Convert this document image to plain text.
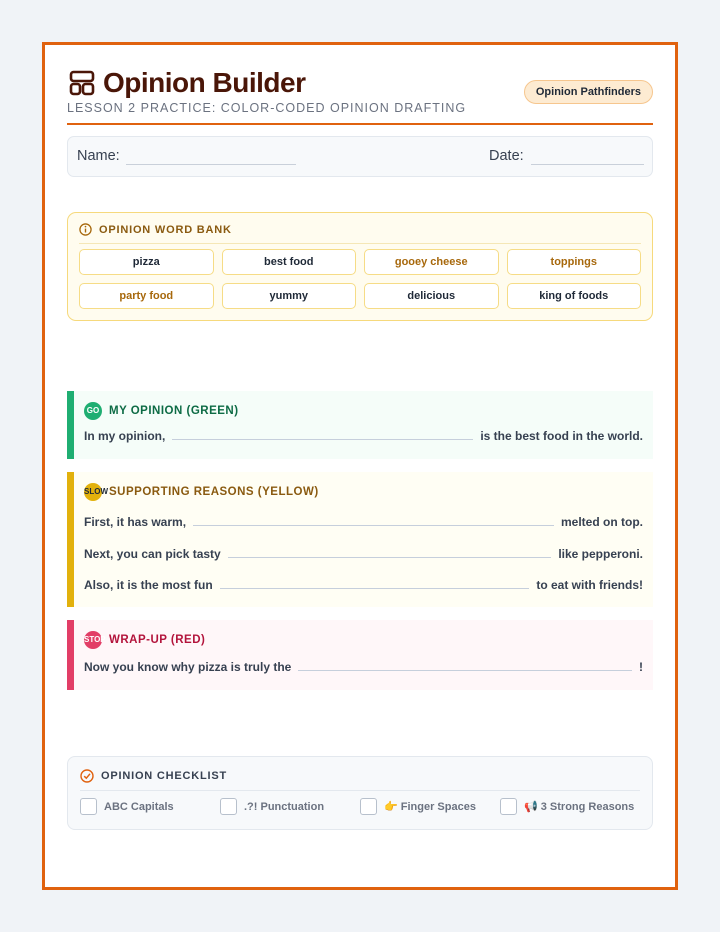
Opinion Builder
LESSON 2 PRACTICE: COLOR-CODED OPINION DRAFTING
Opinion Pathfinders
Name:	Date:
OPINION WORD BANK
pizza	best food	gooey cheese	toppings
party food	yummy	delicious	king of foods
GO MY OPINION (GREEN)
In my opinion,	is the best food in the world.
SLOW SUPPORTING REASONS (YELLOW)
First, it has warm,	melted on top.
Next, you can pick tasty	like pepperoni.
Also, it is the most fun	to eat with friends!
STOP WRAP-UP (RED)
Now you know why pizza is truly the	!
OPINION CHECKLIST
ABC Capitals	.?! Punctuation	👉 Finger Spaces	📢 3 Strong Reasons
